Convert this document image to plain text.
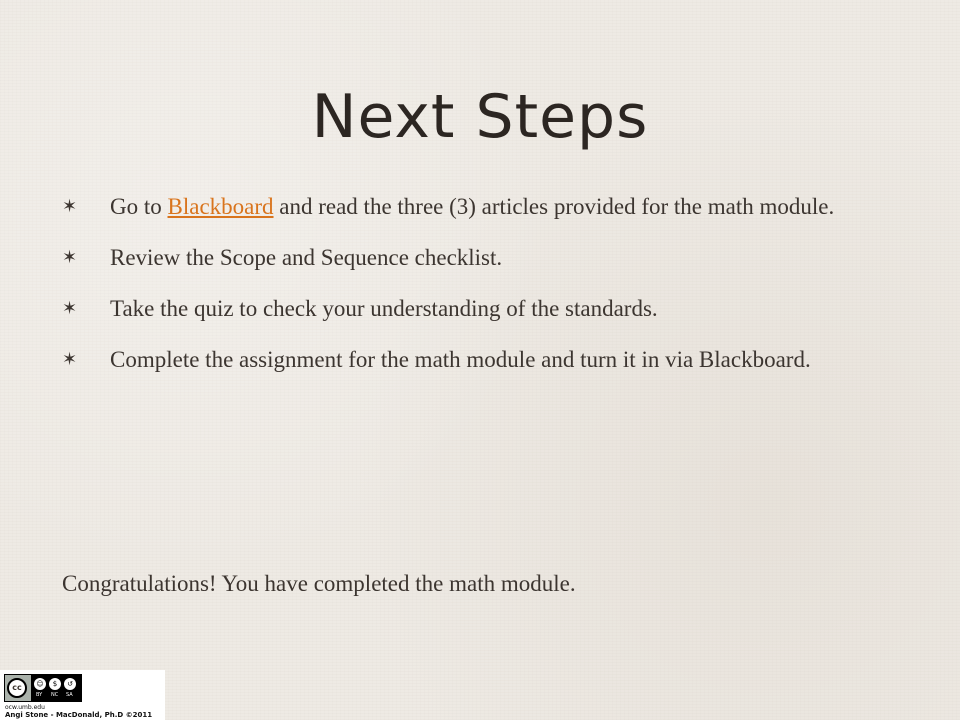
Next Steps
✶ Go to Blackboard and read the three (3) articles provided for the math module.
✶ Review the Scope and Sequence checklist.
✶ Take the quiz to check your understanding of the standards.
✶ Complete the assignment for the math module and turn it in via Blackboard.

Congratulations! You have completed the math module.

cc	☺	$	↺
BY NC SA

ocw.umb.edu

Angi Stone - MacDonald, Ph.D ©2011
